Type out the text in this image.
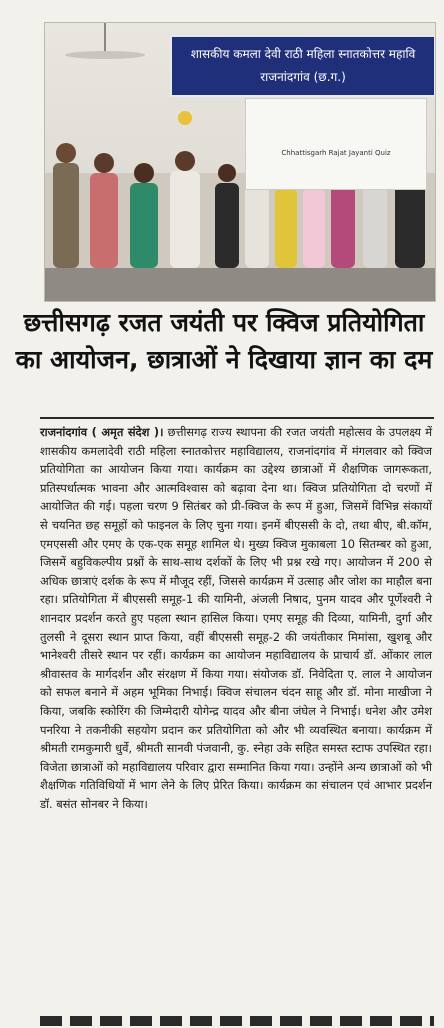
शासकीय कमला देवी राठी महिला स्नातकोत्तर महावि
राजनांदगांव (छ.ग.)
Chhattisgarh Rajat Jayanti Quiz
छत्तीसगढ़ रजत जयंती पर क्विज प्रतियोगिता का आयोजन, छात्राओं ने दिखाया ज्ञान का दम

राजनांदगांव ( अमृत संदेश )। छत्तीसगढ़ राज्य स्थापना की रजत जयंती महोत्सव के उपलक्ष्य में शासकीय कमलादेवी राठी महिला स्नातकोत्तर महाविद्यालय, राजनांदगांव में मंगलवार को क्विज प्रतियोगिता का आयोजन किया गया। कार्यक्रम का उद्देश्य छात्राओं में शैक्षणिक जागरूकता, प्रतिस्पर्धात्मक भावना और आत्मविश्वास को बढ़ावा देना था। क्विज प्रतियोगिता दो चरणों में आयोजित की गई। पहला चरण 9 सितंबर को प्री-क्विज के रूप में हुआ, जिसमें विभिन्न संकायों से चयनित छह समूहों को फाइनल के लिए चुना गया। इनमें बीएससी के दो, तथा बीए, बी.कॉम, एमएससी और एमए के एक-एक समूह शामिल थे। मुख्य क्विज मुकाबला 10 सितम्बर को हुआ, जिसमें बहुविकल्पीय प्रश्नों के साथ-साथ दर्शकों के लिए भी प्रश्न रखे गए। आयोजन में 200 से अधिक छात्राएं दर्शक के रूप में मौजूद रहीं, जिससे कार्यक्रम में उत्साह और जोश का माहौल बना रहा। प्रतियोगिता में बीएससी समूह-1 की यामिनी, अंजली निषाद, पुनम यादव और पूर्णेश्वरी ने शानदार प्रदर्शन करते हुए पहला स्थान हासिल किया। एमए समूह की दिव्या, यामिनी, दुर्गा और तुलसी ने दूसरा स्थान प्राप्त किया, वहीं बीएससी समूह-2 की जयंतीकार मिमांसा, खुशबू और भानेश्वरी तीसरे स्थान पर रहीं। कार्यक्रम का आयोजन महाविद्यालय के प्राचार्य डॉ. ओंकार लाल श्रीवास्तव के मार्गदर्शन और संरक्षण में किया गया। संयोजक डॉ. निवेदिता ए. लाल ने आयोजन को सफल बनाने में अहम भूमिका निभाई। क्विज संचालन चंदन साहू और डॉ. मोना माखीजा ने किया, जबकि स्कोरिंग की जिम्मेदारी योगेन्द्र यादव और बीना जंघेल ने निभाई। धनेश और उमेश पनरिया ने तकनीकी सहयोग प्रदान कर प्रतियोगिता को और भी व्यवस्थित बनाया। कार्यक्रम में श्रीमती रामकुमारी धुर्वे, श्रीमती सानवी पंजवानी, कु. स्नेहा उके सहित समस्त स्टाफ उपस्थित रहा। विजेता छात्राओं को महाविद्यालय परिवार द्वारा सम्मानित किया गया। उन्होंने अन्य छात्राओं को भी शैक्षणिक गतिविधियों में भाग लेने के लिए प्रेरित किया। कार्यक्रम का संचालन एवं आभार प्रदर्शन डॉ. बसंत सोनबर ने किया।
